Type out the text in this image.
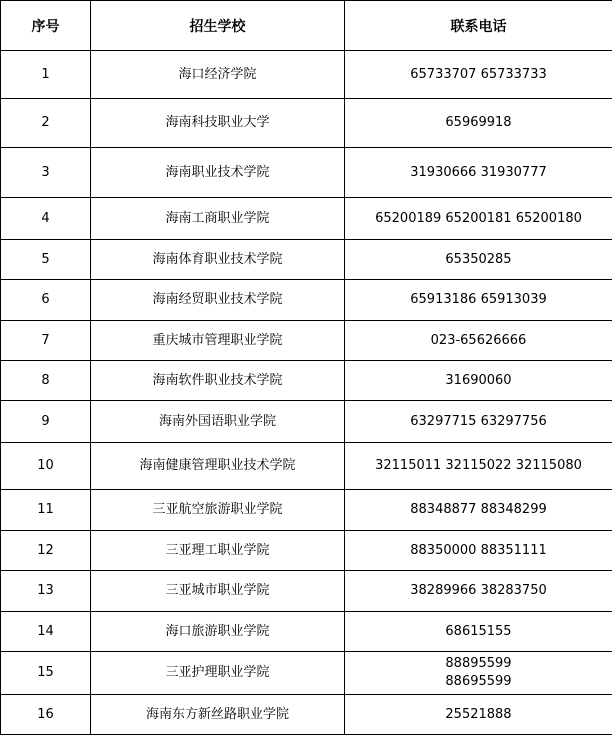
序号	招生学校	联系电话
1	海口经济学院	65733707 65733733

2	海南科技职业大学	65969918

3	海南职业技术学院	31930666 31930777

4	海南工商职业学院	65200189 65200181 65200180

5	海南体育职业技术学院	65350285

6	海南经贸职业技术学院	65913186 65913039

7	重庆城市管理职业学院	023-65626666

8	海南软件职业技术学院	31690060

9	海南外国语职业学院	63297715 63297756

10	海南健康管理职业技术学院	32115011 32115022 32115080

11	三亚航空旅游职业学院	88348877 88348299

12	三亚理工职业学院	88350000 88351111

13	三亚城市职业学院	38289966 38283750

14	海口旅游职业学院	68615155

15	三亚护理职业学院	88895599
88695599

16	海南东方新丝路职业学院	25521888
